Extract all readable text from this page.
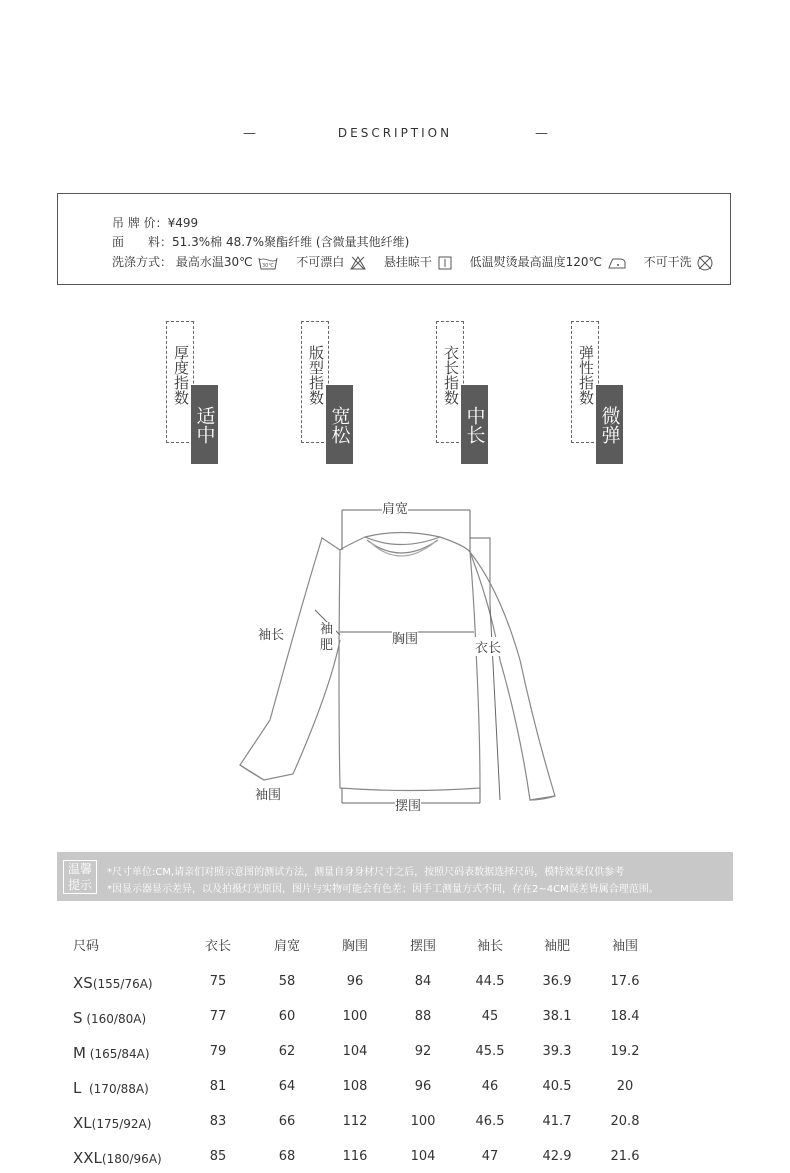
—	DESCRIPTION	—
吊 牌 价：¥499
面　　料：51.3%棉 48.7%聚酯纤维 (含微量其他纤维)
洗涤方式： 最高水温30℃ 30℃ 不可漂白	悬挂晾干	低温熨烫最高温度120℃	不可干洗
厚度指数
适中
版型指数
宽松
衣长指数
中长
弹性指数
微弹
肩宽
袖长	袖肥	胸围
衣长
袖围
摆围
温馨提示
*尺寸单位:CM,请亲们对照示意图的测试方法，测量自身身材尺寸之后，按照尺码表数据选择尺码，模特效果仅供参考
*因显示器显示差异，以及拍摄灯光原因，图片与实物可能会有色差；因手工测量方式不同，存在2~4CM误差皆属合理范围。
尺码	衣长	肩宽	胸围	摆围	袖长	袖肥	袖围
XS(155/76A)	75	58	96	84	44.5	36.9	17.6
S (160/80A)	77	60	100	88	45	38.1	18.4
M (165/84A)	79	62	104	92	45.5	39.3	19.2
L  (170/88A)	81	64	108	96	46	40.5	20
XL(175/92A)	83	66	112	100	46.5	41.7	20.8
XXL(180/96A)	85	68	116	104	47	42.9	21.6
